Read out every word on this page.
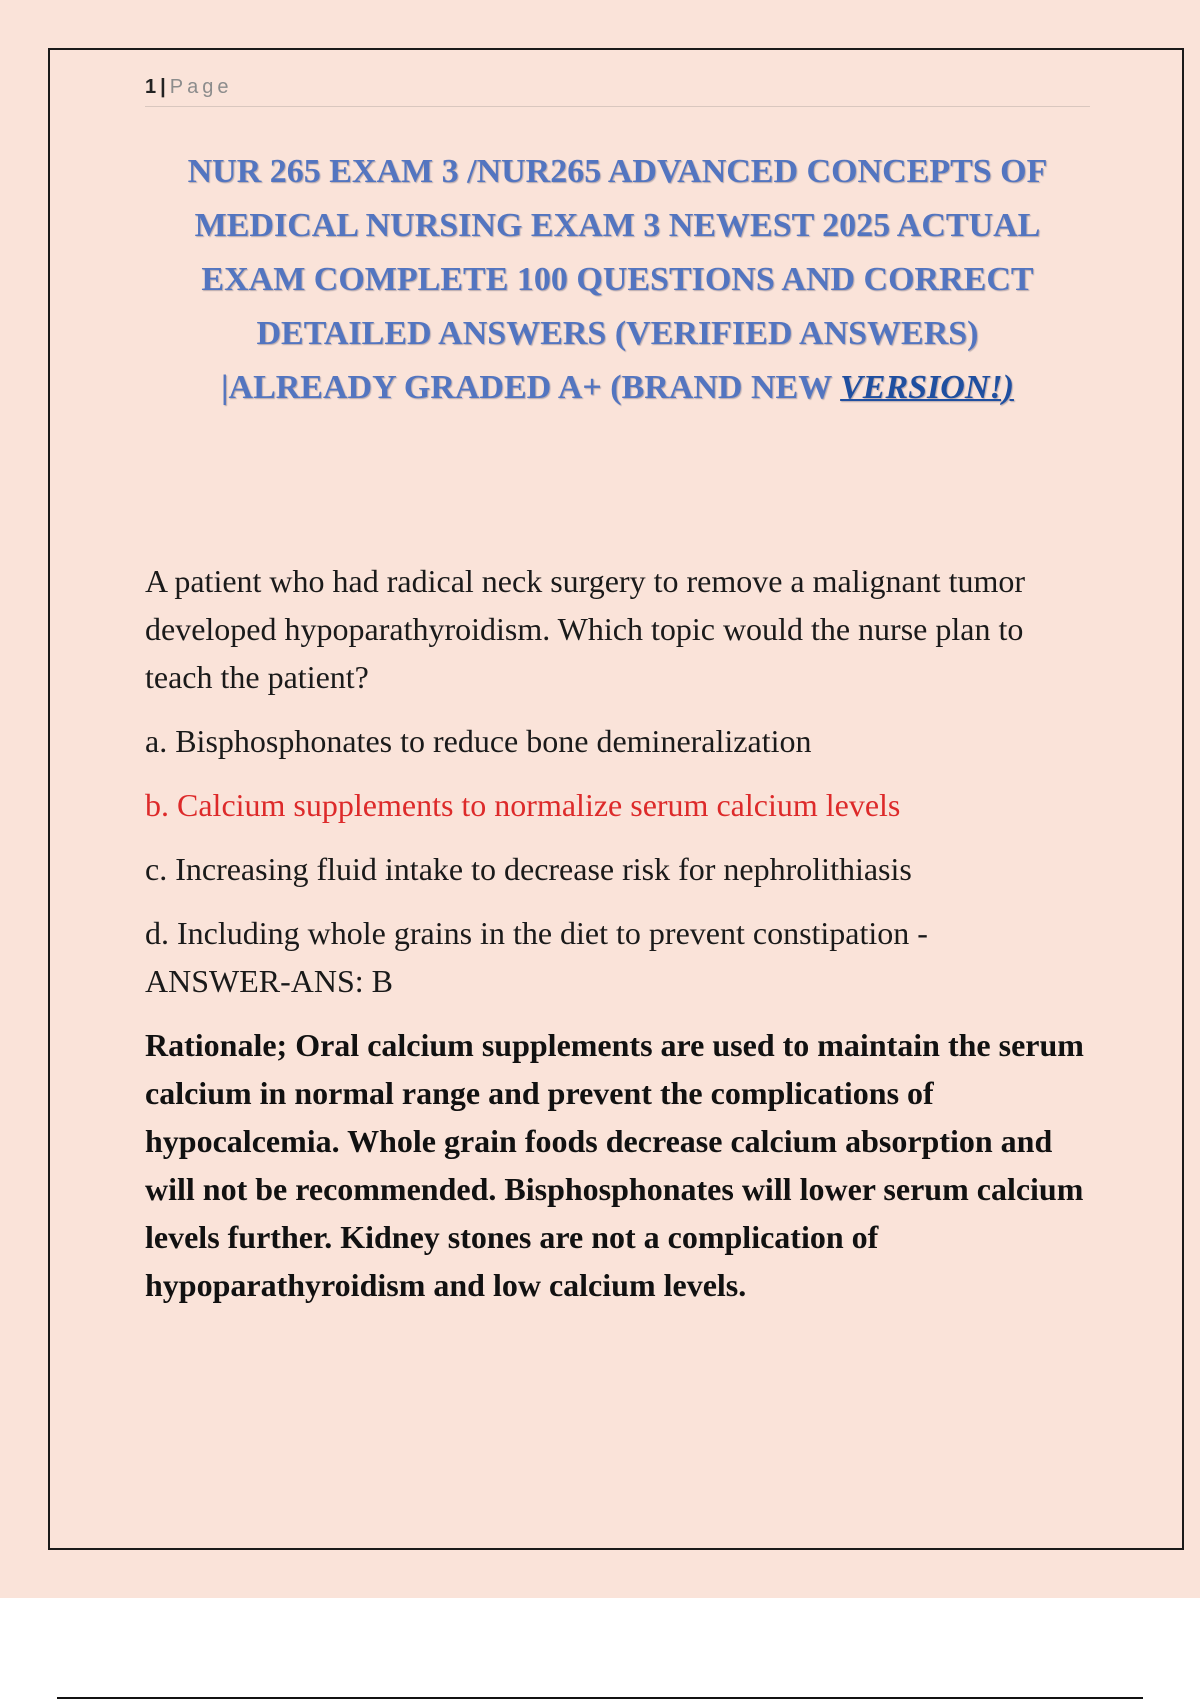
1 | Page
NUR 265 EXAM 3 /NUR265 ADVANCED CONCEPTS OF
MEDICAL NURSING EXAM 3 NEWEST 2025 ACTUAL
EXAM COMPLETE 100 QUESTIONS AND CORRECT
DETAILED ANSWERS (VERIFIED ANSWERS)
|ALREADY GRADED A+ (BRAND NEW VERSION!)

A patient who had radical neck surgery to remove a malignant tumor developed hypoparathyroidism. Which topic would the nurse plan to teach the patient?

a. Bisphosphonates to reduce bone demineralization

b. Calcium supplements to normalize serum calcium levels

c. Increasing fluid intake to decrease risk for nephrolithiasis

d. Including whole grains in the diet to prevent constipation -

ANSWER-ANS: B

Rationale; Oral calcium supplements are used to maintain the serum calcium in normal range and prevent the complications of hypocalcemia. Whole grain foods decrease calcium absorption and will not be recommended. Bisphosphonates will lower serum calcium levels further. Kidney stones are not a complication of hypoparathyroidism and low calcium levels.
